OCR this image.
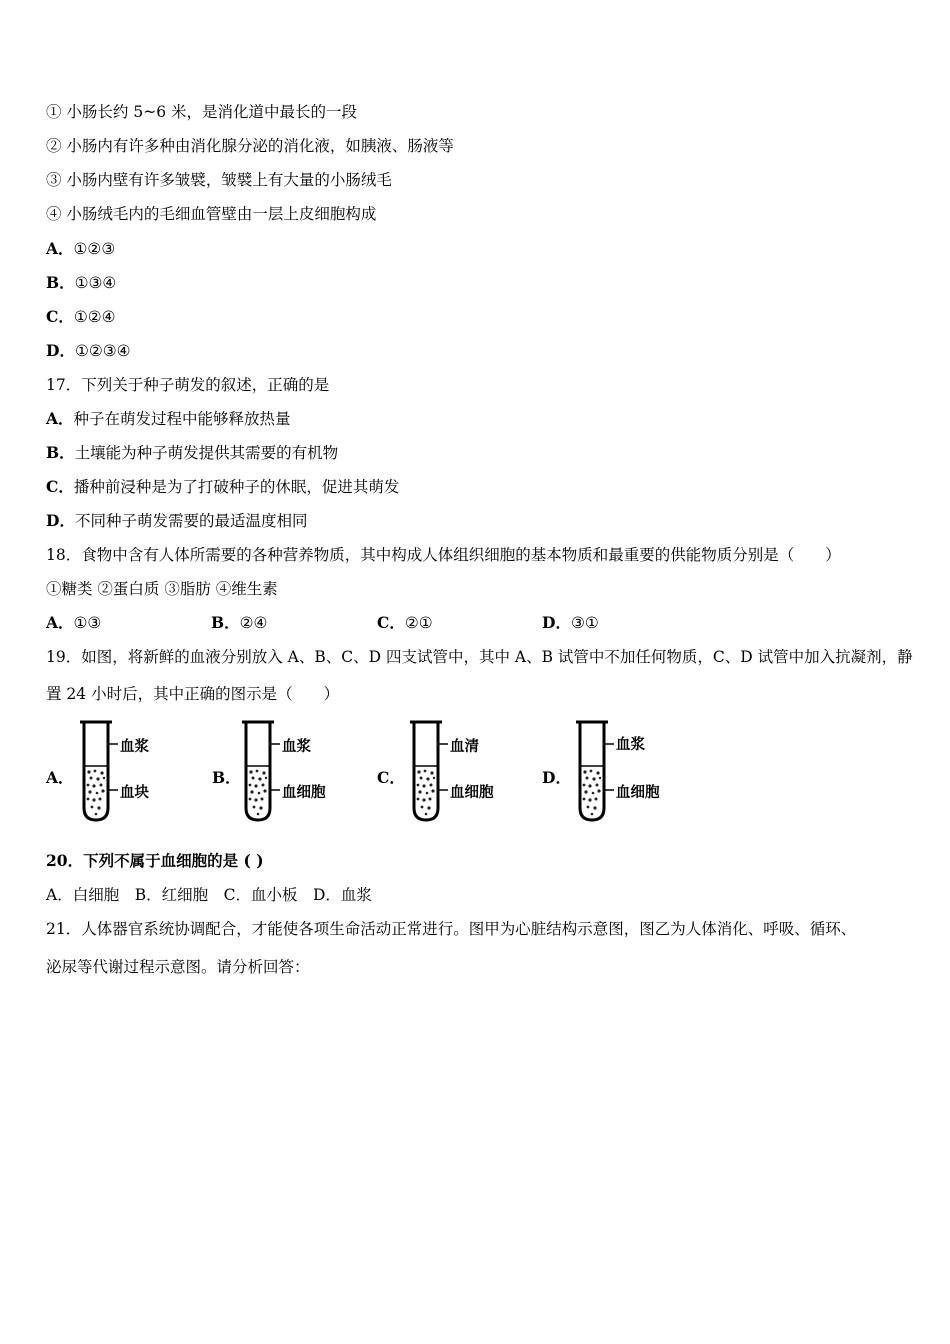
① 小肠长约 5~6 米，是消化道中最长的一段
② 小肠内有许多种由消化腺分泌的消化液，如胰液、肠液等
③ 小肠内壁有许多皱襞，皱襞上有大量的小肠绒毛
④ 小肠绒毛内的毛细血管壁由一层上皮细胞构成
A．①②③
B．①③④
C．①②④
D．①②③④
17．下列关于种子萌发的叙述，正确的是
A．种子在萌发过程中能够释放热量
B．土壤能为种子萌发提供其需要的有机物
C．播种前浸种是为了打破种子的休眠，促进其萌发
D．不同种子萌发需要的最适温度相同
18．食物中含有人体所需要的各种营养物质，其中构成人体组织细胞的基本物质和最重要的供能物质分别是（　　）
①糖类 ②蛋白质 ③脂肪 ④维生素
A．①③	B．②④	C．②①	D．③①
19．如图，将新鲜的血液分别放入 A、B、C、D 四支试管中，其中 A、B 试管中不加任何物质，C、D 试管中加入抗凝剂，静
置 24 小时后，其中正确的图示是（　　）
A．
血浆
血块
B．
血浆
血细胞
C．
血清
血细胞
D．
血浆
血细胞
20．下列不属于血细胞的是 ( )
A．白细胞　B．红细胞　C．血小板　D．血浆
21．人体器官系统协调配合，才能使各项生命活动正常进行。图甲为心脏结构示意图，图乙为人体消化、呼吸、循环、
泌尿等代谢过程示意图。请分析回答：
